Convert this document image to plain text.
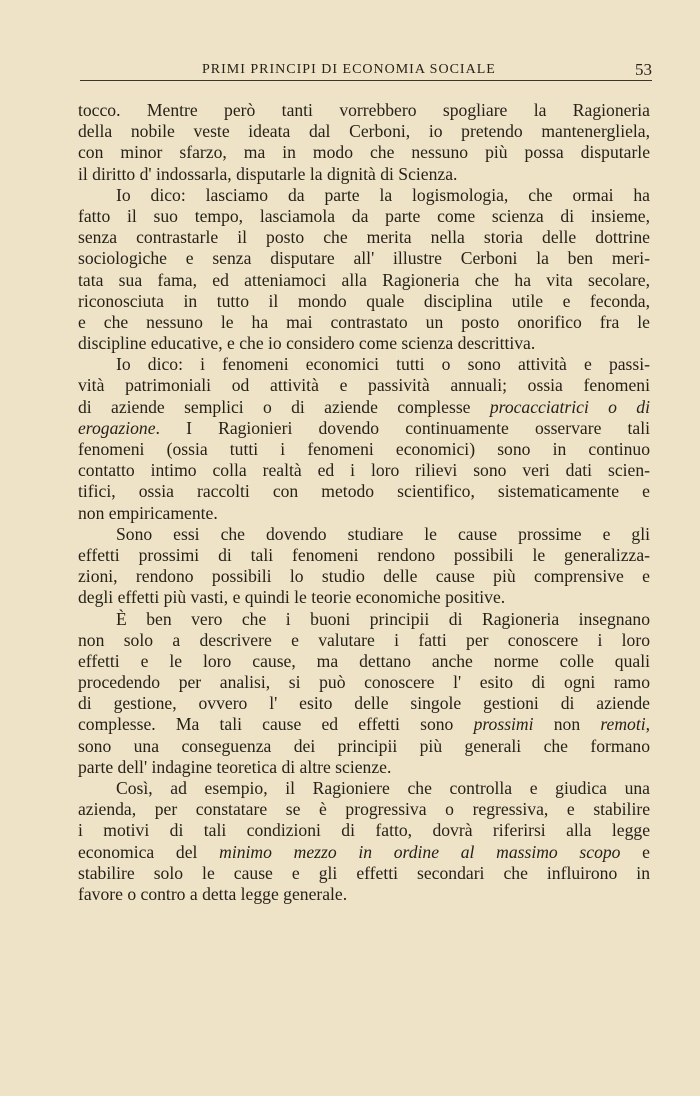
PRIMI PRINCIPI DI ECONOMIA SOCIALE	53
tocco. Mentre però tanti vorrebbero spogliare la Ragioneria
della nobile veste ideata dal Cerboni, io pretendo mantenergliela,
con minor sfarzo, ma in modo che nessuno più possa disputarle
il diritto d' indossarla, disputarle la dignità di Scienza.
Io dico: lasciamo da parte la logismologia, che ormai ha
fatto il suo tempo, lasciamola da parte come scienza di insieme,
senza contrastarle il posto che merita nella storia delle dottrine
sociologiche e senza disputare all' illustre Cerboni la ben meri-
tata sua fama, ed atteniamoci alla Ragioneria che ha vita secolare,
riconosciuta in tutto il mondo quale disciplina utile e feconda,
e che nessuno le ha mai contrastato un posto onorifico fra le
discipline educative, e che io considero come scienza descrittiva.
Io dico: i fenomeni economici tutti o sono attività e passi-
vità patrimoniali od attività e passività annuali; ossia fenomeni
di aziende semplici o di aziende complesse procacciatrici o di
erogazione. I Ragionieri dovendo continuamente osservare tali
fenomeni (ossia tutti i fenomeni economici) sono in continuo
contatto intimo colla realtà ed i loro rilievi sono veri dati scien-
tifici, ossia raccolti con metodo scientifico, sistematicamente e
non empiricamente.
Sono essi che dovendo studiare le cause prossime e gli
effetti prossimi di tali fenomeni rendono possibili le generalizza-
zioni, rendono possibili lo studio delle cause più comprensive e
degli effetti più vasti, e quindi le teorie economiche positive.
È ben vero che i buoni principii di Ragioneria insegnano
non solo a descrivere e valutare i fatti per conoscere i loro
effetti e le loro cause, ma dettano anche norme colle quali
procedendo per analisi, si può conoscere l' esito di ogni ramo
di gestione, ovvero l' esito delle singole gestioni di aziende
complesse. Ma tali cause ed effetti sono prossimi non remoti,
sono una conseguenza dei principii più generali che formano
parte dell' indagine teoretica di altre scienze.
Così, ad esempio, il Ragioniere che controlla e giudica una
azienda, per constatare se è progressiva o regressiva, e stabilire
i motivi di tali condizioni di fatto, dovrà riferirsi alla legge
economica del minimo mezzo in ordine al massimo scopo e
stabilire solo le cause e gli effetti secondari che influirono in
favore o contro a detta legge generale.
